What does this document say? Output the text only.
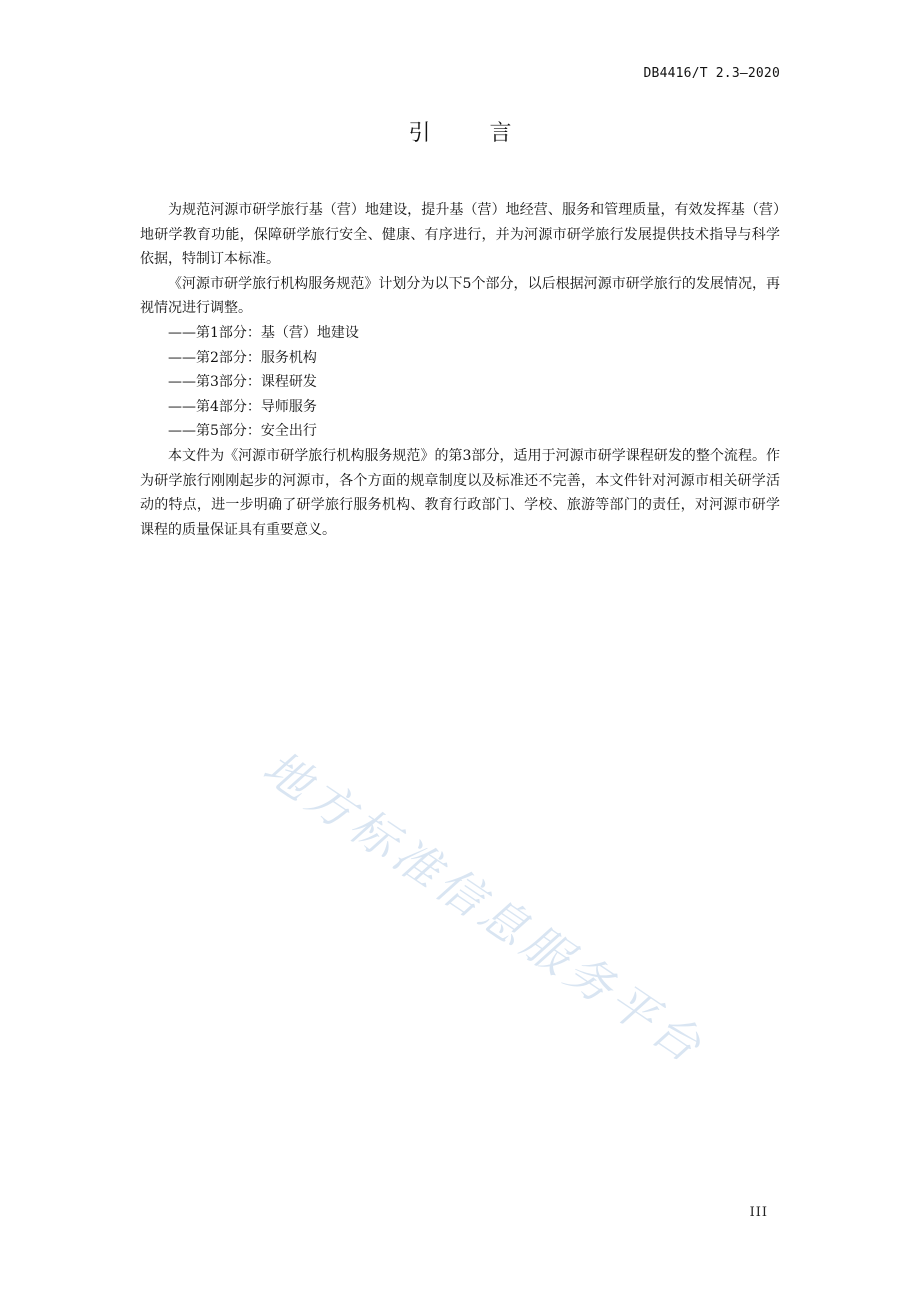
DB4416/T 2.3—2020
引 言

为规范河源市研学旅行基（营）地建设，提升基（营）地经营、服务和管理质量，有效发挥基（营）地研学教育功能，保障研学旅行安全、健康、有序进行，并为河源市研学旅行发展提供技术指导与科学依据，特制订本标准。

《河源市研学旅行机构服务规范》计划分为以下5个部分，以后根据河源市研学旅行的发展情况，再视情况进行调整。

——第1部分：基（营）地建设

——第2部分：服务机构

——第3部分：课程研发

——第4部分：导师服务

——第5部分：安全出行

本文件为《河源市研学旅行机构服务规范》的第3部分，适用于河源市研学课程研发的整个流程。作为研学旅行刚刚起步的河源市，各个方面的规章制度以及标准还不完善，本文件针对河源市相关研学活动的特点，进一步明确了研学旅行服务机构、教育行政部门、学校、旅游等部门的责任，对河源市研学课程的质量保证具有重要意义。

地方标准信息服务平台
III
